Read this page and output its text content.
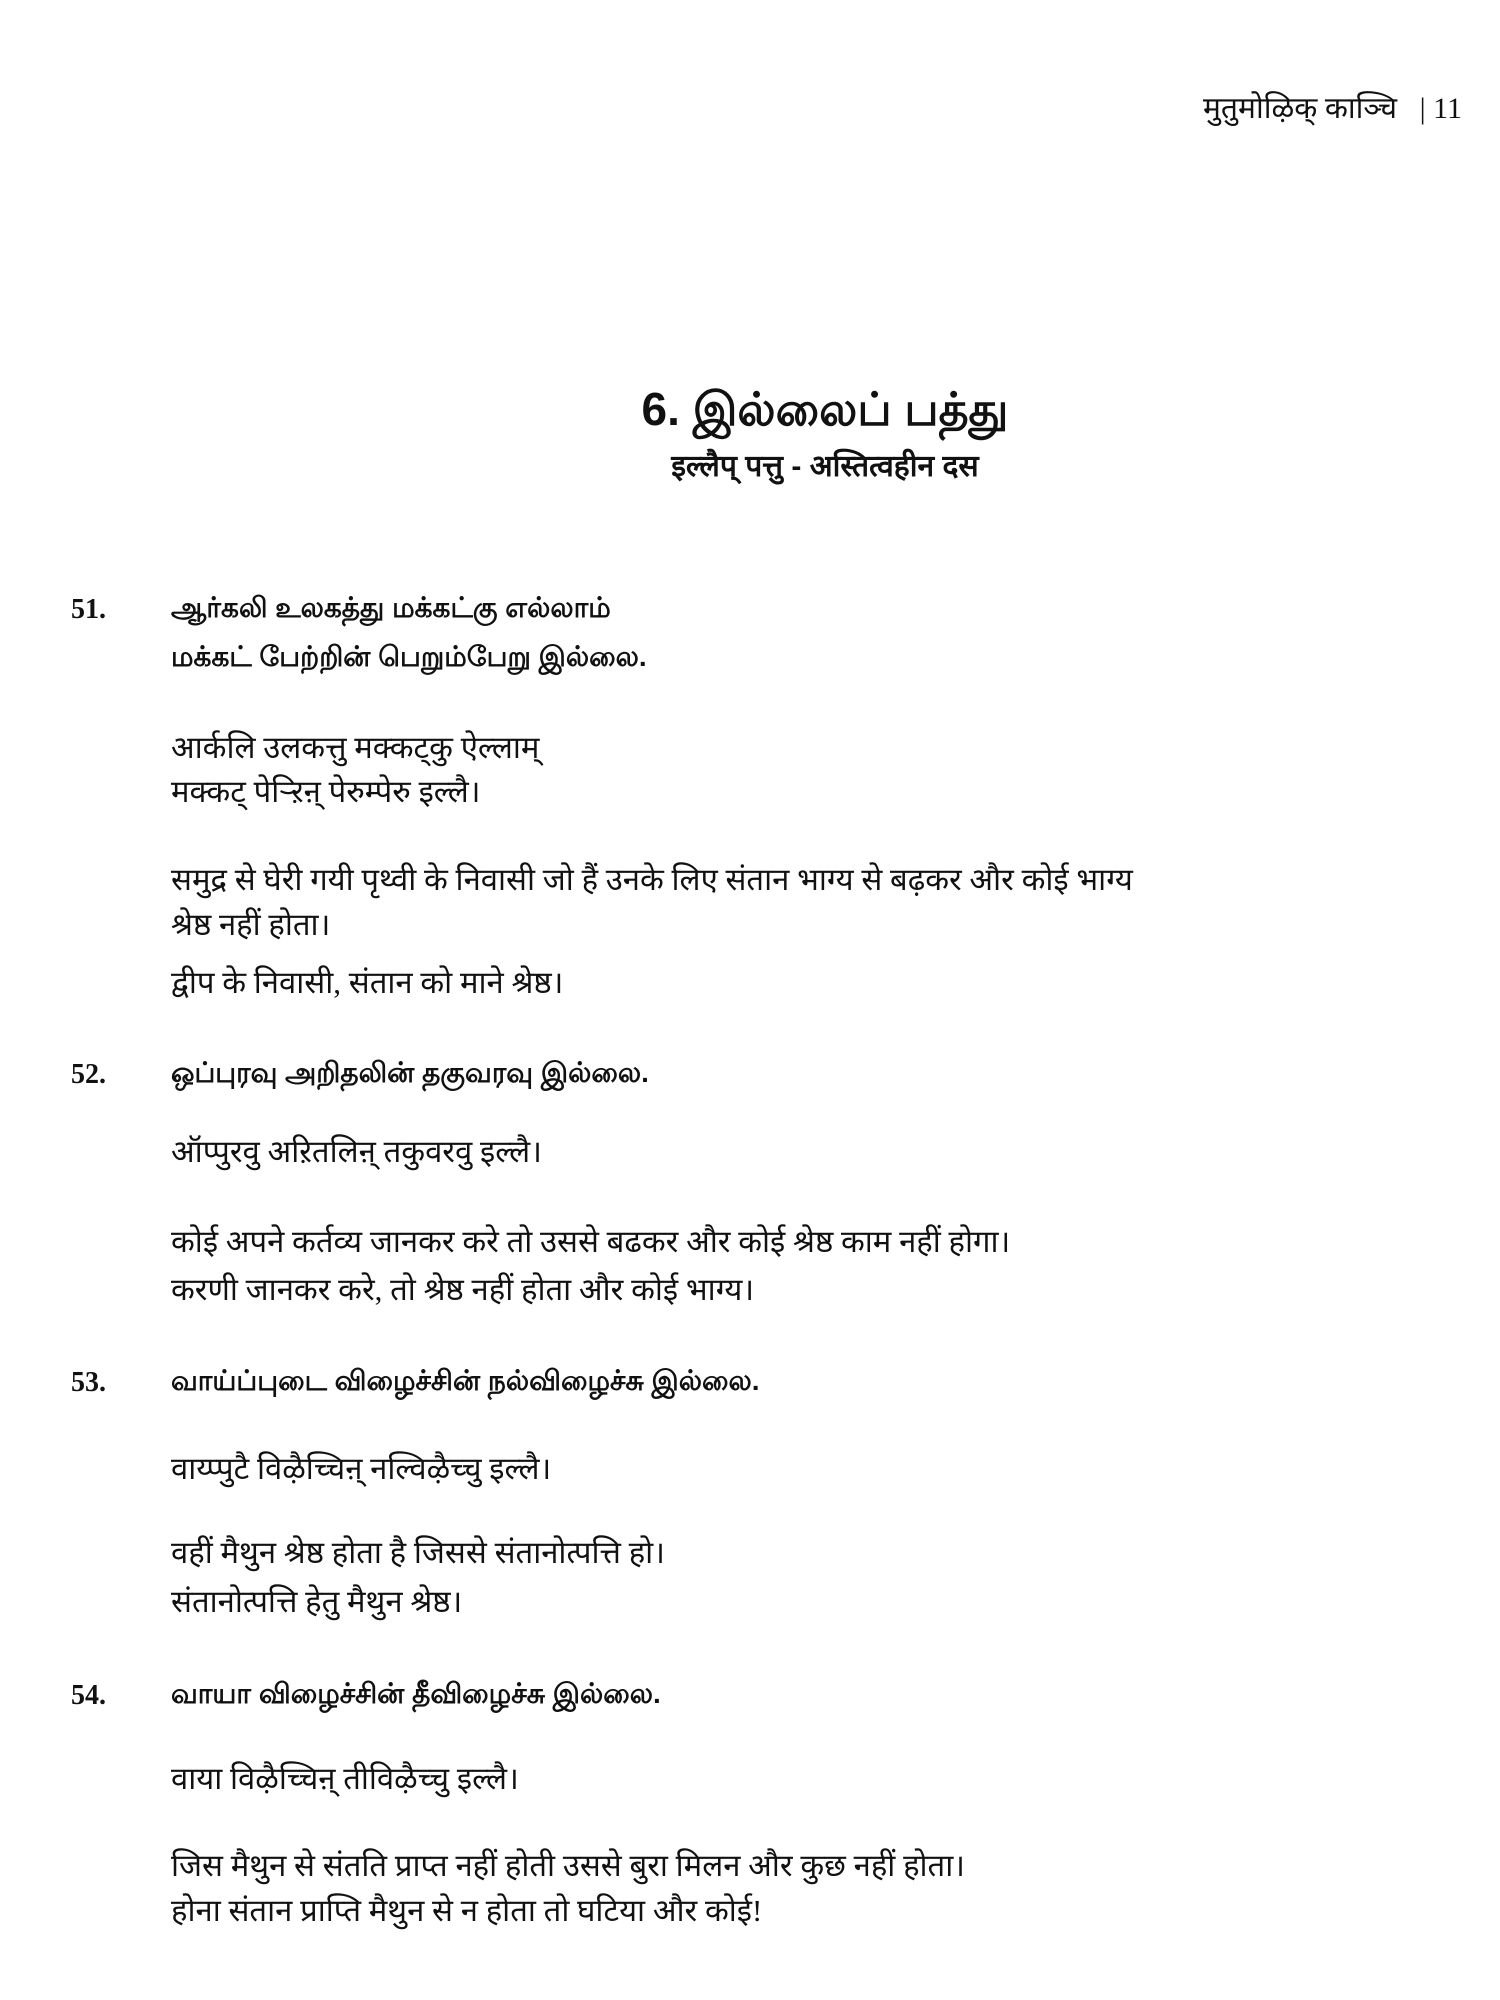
मुतुमोऴिक् काञ्चि | 11
6. இல்லைப் பத்து
इल्लैप् पत्तु - अस्तित्वहीन दस
51. ஆர்கலி உலகத்து மக்கட்கு எல்லாம்
மக்கட் பேற்றின் பெறும்பேறு இல்லை.
आर्कलि उलकत्तु मक्कट्कु ऐल्लाम्
मक्कट् पेऱ्ऱिऩ् पेरुम्पेरु इल्लै।
समुद्र से घेरी गयी पृथ्वी के निवासी जो हैं उनके लिए संतान भाग्य से बढ़कर और कोई भाग्य
श्रेष्ठ नहीं होता।
द्वीप के निवासी, संतान को माने श्रेष्ठ।
52. ஒப்புரவு அறிதலின் தகுவரவு இல்லை.
ऑप्पुरवु अऱितलिऩ् तकुवरवु इल्लै।
कोई अपने कर्तव्य जानकर करे तो उससे बढकर और कोई श्रेष्ठ काम नहीं होगा।
करणी जानकर करे, तो श्रेष्ठ नहीं होता और कोई भाग्य।
53. வாய்ப்புடை விழைச்சின் நல்விழைச்சு இல்லை.
वाय्प्पुटै विऴैच्चिऩ् नल्विऴैच्चु इल्लै।
वहीं मैथुन श्रेष्ठ होता है जिससे संतानोत्पत्ति हो।
संतानोत्पत्ति हेतु मैथुन श्रेष्ठ।
54. வாயா விழைச்சின் தீவிழைச்சு இல்லை.
वाया विऴैच्चिऩ् तीविऴैच्चु इल्लै।
जिस मैथुन से संतति प्राप्त नहीं होती उससे बुरा मिलन और कुछ नहीं होता।
होना संतान प्राप्ति मैथुन से न होता तो घटिया और कोई!
